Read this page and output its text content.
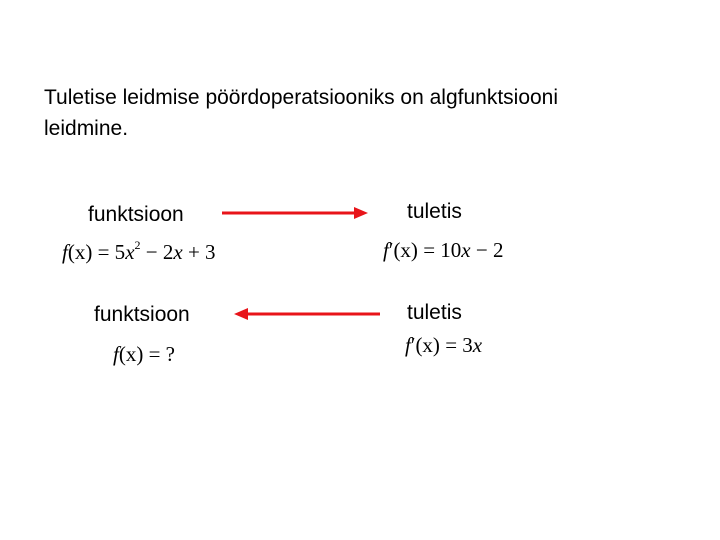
Tuletise leidmise pöördoperatsiooniks on algfunktsiooni
leidmine.
funktsioon	tuletis
$f(x) = 5x^2 - 2x + 3$	f′(x) = 10x − 2
funktsioon	tuletis
f(x) = ?	f′(x) = 3x
